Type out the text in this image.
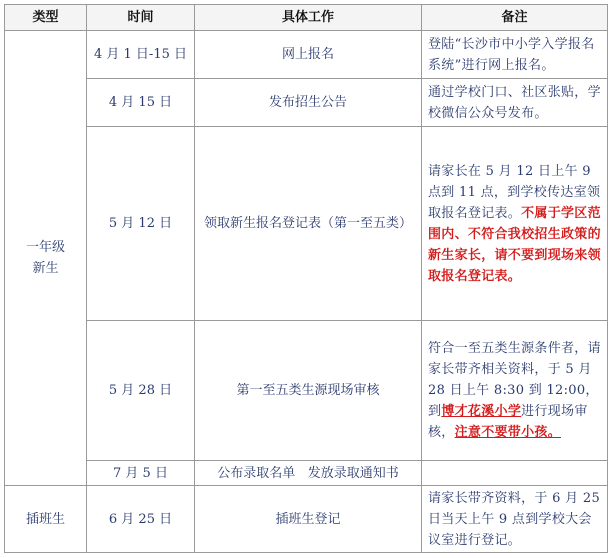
类型	时间	具体工作	备注

一年级
新生	4 月 1 日-15 日	网上报名	登陆“长沙市中小学入学报名系统”进行网上报名。
	4 月 15 日	发布招生公告	通过学校门口、社区张贴，学校微信公众号发布。
	5 月 12 日	领取新生报名登记表（第一至五类）	请家长在 5 月 12 日上午 9 点到 11 点，到学校传达室领取报名登记表。不属于学区范围内、不符合我校招生政策的新生家长，请不要到现场来领取报名登记表。
	5 月 28 日	第一至五类生源现场审核	符合一至五类生源条件者，请家长带齐相关资料，于 5 月 28 日上午 8:30 到 12:00，到博才花溪小学进行现场审核，注意不要带小孩。
	7 月 5 日	公布录取名单   发放录取通知书	
插班生	6 月 25 日	插班生登记	请家长带齐资料，于 6 月 25 日当天上午 9 点到学校大会议室进行登记。
